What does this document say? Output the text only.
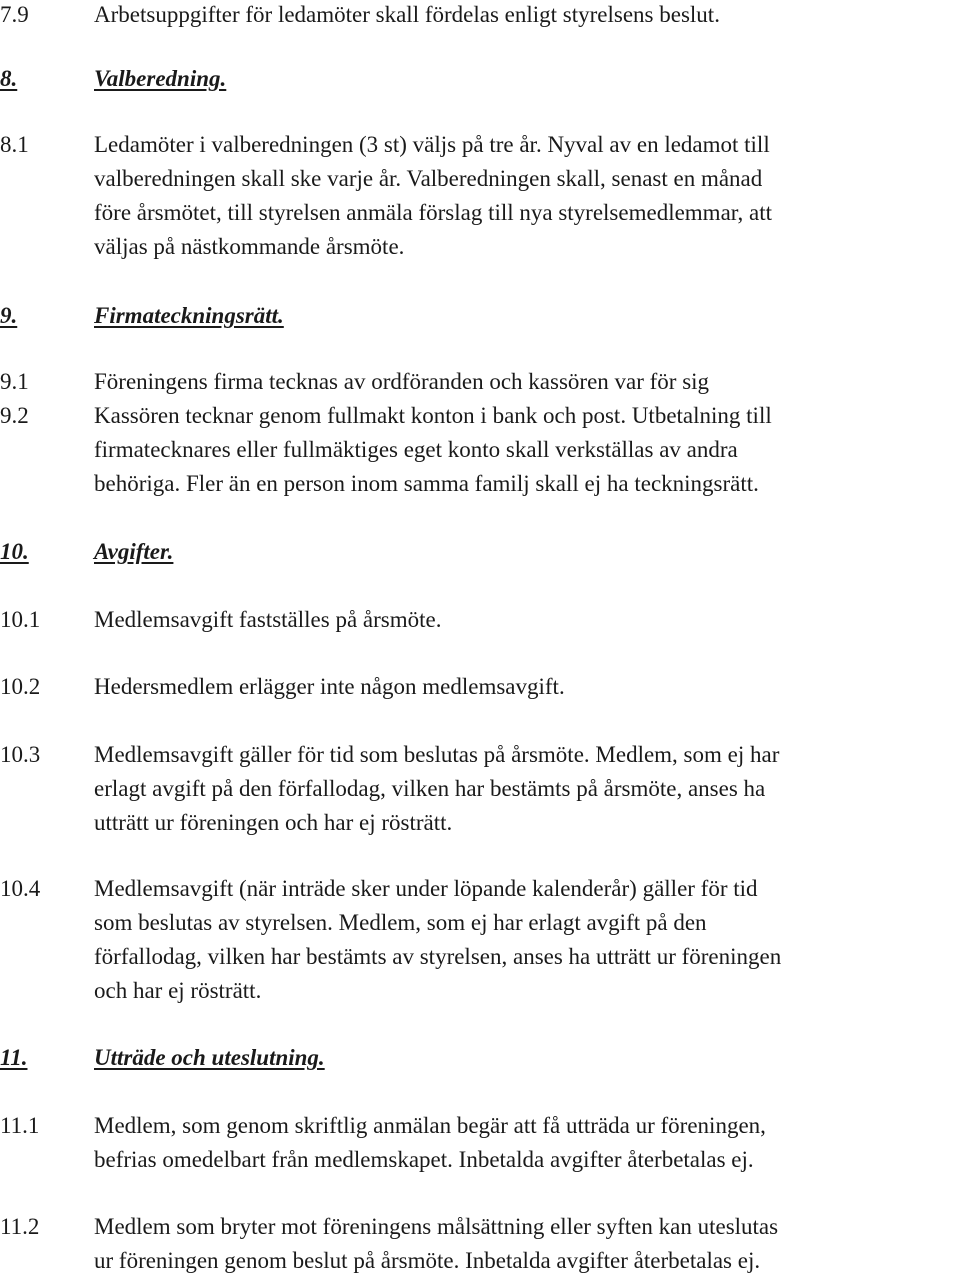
7.9	Arbetsuppgifter för ledamöter skall fördelas enligt styrelsens beslut.
8.	Valberedning.
8.1	Ledamöter i valberedningen (3 st) väljs på tre år. Nyval av en ledamot till
valberedningen skall ske varje år. Valberedningen skall, senast en månad
före årsmötet, till styrelsen anmäla förslag till nya styrelsemedlemmar, att
väljas på nästkommande årsmöte.
9.	Firmateckningsrätt.
9.1	Föreningens firma tecknas av ordföranden och kassören var för sig
9.2	Kassören tecknar genom fullmakt konton i bank och post. Utbetalning till
firmatecknares eller fullmäktiges eget konto skall verkställas av andra
behöriga. Fler än en person inom samma familj skall ej ha teckningsrätt.
10.	Avgifter.
10.1	Medlemsavgift fastställes på årsmöte.
10.2	Hedersmedlem erlägger inte någon medlemsavgift.
10.3	Medlemsavgift gäller för tid som beslutas på årsmöte. Medlem, som ej har
erlagt avgift på den förfallodag, vilken har bestämts på årsmöte, anses ha
utträtt ur föreningen och har ej rösträtt.
10.4	Medlemsavgift (när inträde sker under löpande kalenderår) gäller för tid
som beslutas av styrelsen. Medlem, som ej har erlagt avgift på den
förfallodag, vilken har bestämts av styrelsen, anses ha utträtt ur föreningen
och har ej rösträtt.
11.	Utträde och uteslutning.
11.1	Medlem, som genom skriftlig anmälan begär att få utträda ur föreningen,
befrias omedelbart från medlemskapet. Inbetalda avgifter återbetalas ej.
11.2	Medlem som bryter mot föreningens målsättning eller syften kan uteslutas
ur föreningen genom beslut på årsmöte. Inbetalda avgifter återbetalas ej.
